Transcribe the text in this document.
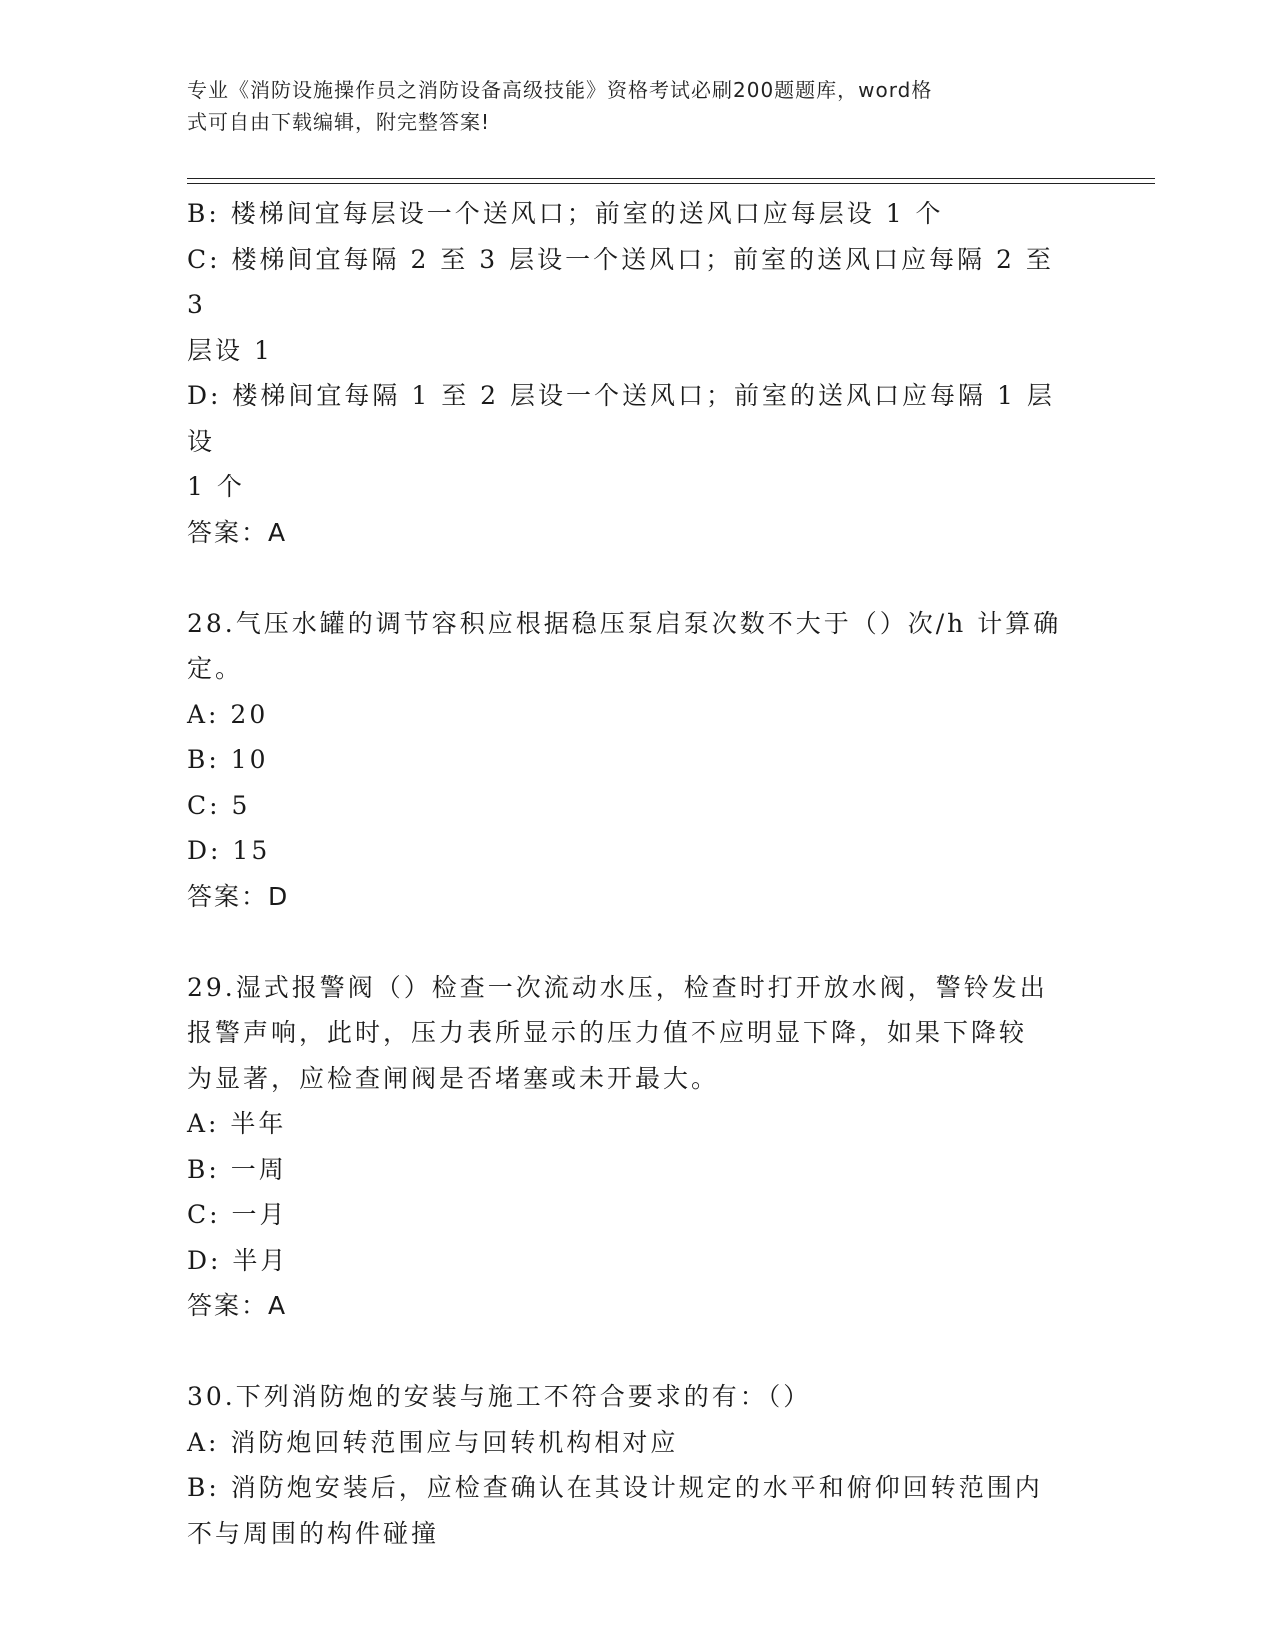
专业《消防设施操作员之消防设备高级技能》资格考试必刷200题题库，word格
式可自由下载编辑，附完整答案!
B: 楼梯间宜每层设一个送风口；前室的送风口应每层设 1 个
C: 楼梯间宜每隔 2 至 3 层设一个送风口；前室的送风口应每隔 2 至 3
层设 1
D: 楼梯间宜每隔 1 至 2 层设一个送风口；前室的送风口应每隔 1 层设
1 个
答案：A
28.气压水罐的调节容积应根据稳压泵启泵次数不大于（）次/h 计算确
定。
A: 20
B: 10
C: 5
D: 15
答案：D
29.湿式报警阀（）检查一次流动水压，检查时打开放水阀，警铃发出
报警声响，此时，压力表所显示的压力值不应明显下降，如果下降较
为显著，应检查闸阀是否堵塞或未开最大。
A: 半年
B: 一周
C: 一月
D: 半月
答案：A
30.下列消防炮的安装与施工不符合要求的有：（）
A: 消防炮回转范围应与回转机构相对应
B: 消防炮安装后，应检查确认在其设计规定的水平和俯仰回转范围内
不与周围的构件碰撞
